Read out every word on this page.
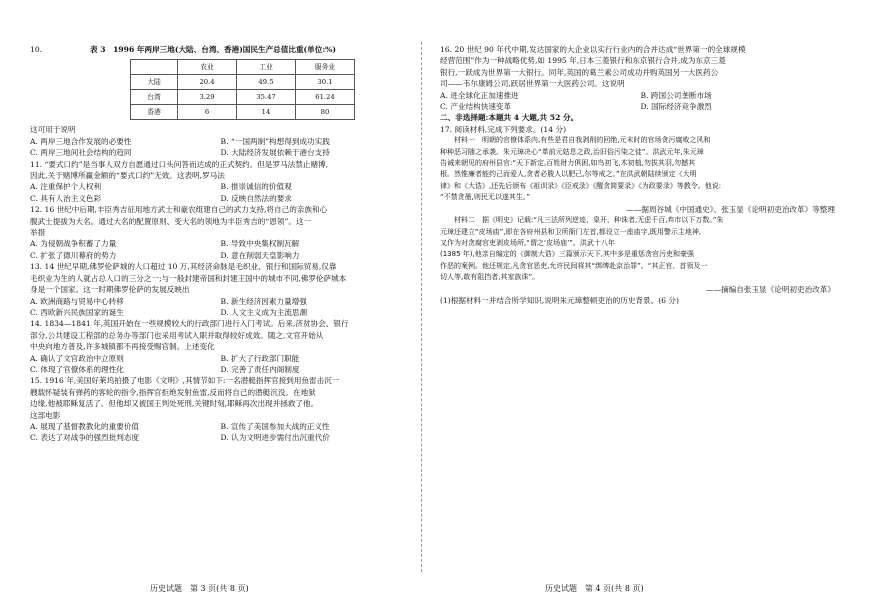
10.	表 3　1996 年两岸三地(大陆、台湾、香港)国民生产总值比重(单位:%)
	农业	工业	服务业
大陆	20.4	49.5	30.1
台湾	3.29	35.47	61.24
香港	6	14	80

这可用于说明

A. 两岸三地合作发展的必要性	B. “一国两制”构想得到成功实践
C. 两岸三地间社会结构的趋同	D. 大陆经济发展依赖于港台支持

11. “要式口约”是当事人双方自愿通过口头问答而达成的正式契约。但是罗马法禁止赌博,

因此,关于赌博所赢金额的“要式口约”无效。这表明,罗马法

A. 注重保护个人权利	B. 推崇诚信的价值观
C. 具有人治主义色彩	D. 反映自然法的要求

12. 16 世纪中后期,丰臣秀吉征用地方武士和豪农组建自己的武力支持,将自己的亲族和心

腹武士提拔为大名。通过大名的配置原则、变大名的领地为丰臣秀吉的“恩领”。这一

举措

A. 为侵朝战争积蓄了力量	B. 导致中央集权制瓦解
C. 扩张了德川幕府的势力	D. 意在削弱天皇影响力

13. 14 世纪早期,佛罗伦萨城的人口超过 10 万,其经济命脉是毛织业、银行和国际贸易,仅靠

毛织业为生的人就占总人口的三分之一;与一般封建帝国和封建王国中的城市不同,佛罗伦萨城本

身是一个国家。这一时期佛罗伦萨的发展反映出

A. 欧洲商路与贸易中心转移	B. 新生经济因素力量增强
C. 西欧新兴民族国家的诞生	D. 人文主义成为主流思潮

14. 1834—1841 年,英国开始在一些规模较大的行政部门进行入门考试。后来,济贫协会、银行

部分,公共建设工程部的总务办等部门也采用考试入职并取得较好成效。随之,文官开始从

中央向地方普及,许多城镇都不再接受赐官制。上述变化

A. 确认了文官政治中立原则	B. 扩大了行政部门职能
C. 体现了官僚体系的理性化	D. 完善了责任内阁制度

15. 1916 年,美国好莱坞拍摄了电影《文明》,其情节如下:一名潜艇指挥官接到用鱼雷击沉一

艘载怀疑装有弹药的客轮的指令,指挥官拒绝发射鱼雷,反而将自己的潜艇沉没。在地狱

边缘,他被耶稣复活了。但他却又被国王判处死刑,关键时刻,耶稣再次出现并拯救了他。

这部电影

A. 展现了基督教教化的重要价值	B. 宣传了美国参加大战的正义性
C. 表达了对战争的强烈批判态度	D. 认为文明进步需付出沉重代价

16. 20 世纪 90 年代中期,发达国家的大企业以实行行业内的合并达成“世界第一的全球规模

经营范围”作为一种战略优势,如 1995 年,日本三菱银行和东京银行合并,成为东京三菱

银行,一跃成为世界第一大银行。同年,英国的葛兰素公司成功并购英国另一大医药公

司——韦尔康姆公司,跃居世界第一大医药公司。这说明

A. 进全球化正加速推进	B. 跨国公司垄断市场
C. 产业结构快速变革	D. 国际经济竞争激烈

二、非选择题:本题共 4 大题,共 52 分。

17. 阅读材料,完成下列要求。(14 分)

材料一　明朝的官僚体系内,有些是君自我剥削的回绝,元末时的官场贪污腐败之风和

种种恶习随之承袭。朱元璋决心“革前元姑息之政,治旧俗污染之徒”。洪武元年,朱元璋

告诫来朝见的府州县官:“天下新定,百姓财力俱困,如鸟初飞,木初植,勿拔其羽,勿撼其

根。然惟廉者能约己而爱人,贪者必朘人以肥己,尔等戒之。”在洪武朝陆续颁定《大明

律》和《大诰》,还先后颁布《祖训录》《臣戒录》《醒贪简要录》《为政要录》等教令。他说:

“不禁贪墨,则民无以遂其生。”

——据周谷城《中国通史》、张玉显《论明初吏治改革》等整理

材料二　据《明史》记载:“凡三法所列逆迹、臬开、种诛者,无虑千百,弃市以下万数。”朱

元璋还建立“皮场庙”,即在各府州县和卫所衙门左首,都设立一座庙宇,既用警示主地神,

又作为对贪腐官吏剥皮场所,“谓之‘皮场庙’”。洪武十八年

(1385 年),他亲自编定的《御制大诰》三篇颁示天下,其中多是重惩贪官污吏和豪强

作恶的案例。他还规定,凡贪官恶吏,允许民间将其“绑缚赴京治罪”。“其正官、首领及一

切人等,敢有阻挡者,其家族诛”。

——摘编自张玉显《论明初吏治改革》

(1)根据材料一并结合所学知识,说明朱元璋整顿吏治的历史背景。(6 分)

历史试题　第 3 页(共 8 页)	历史试题　第 4 页(共 8 页)
